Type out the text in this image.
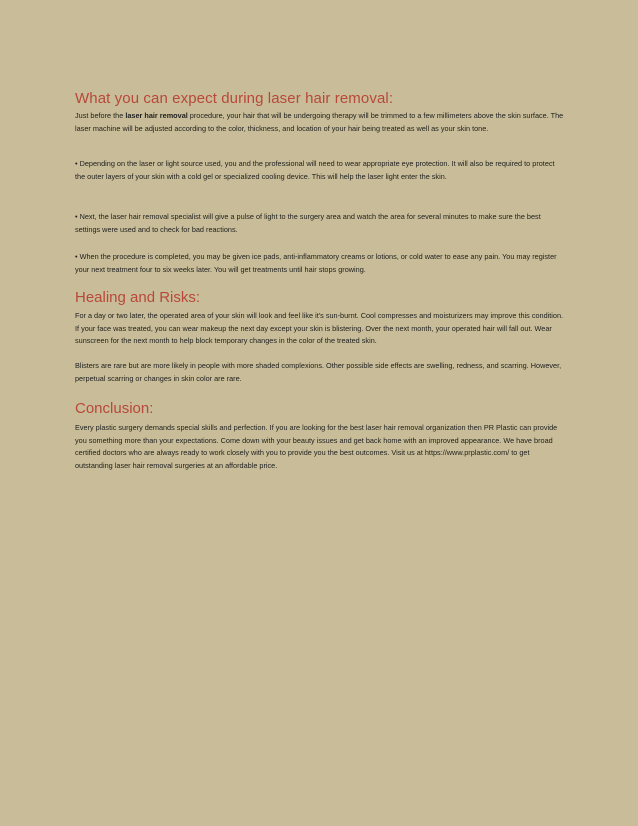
What you can expect during laser hair removal:

Just before the laser hair removal procedure, your hair that will be undergoing therapy will be trimmed to a few millimeters above the skin surface. The laser machine will be adjusted according to the color, thickness, and location of your hair being treated as well as your skin tone.

• Depending on the laser or light source used, you and the professional will need to wear appropriate eye protection. It will also be required to protect the outer layers of your skin with a cold gel or specialized cooling device. This will help the laser light enter the skin.

• Next, the laser hair removal specialist will give a pulse of light to the surgery area and watch the area for several minutes to make sure the best settings were used and to check for bad reactions.

• When the procedure is completed, you may be given ice pads, anti-inflammatory creams or lotions, or cold water to ease any pain. You may register your next treatment four to six weeks later. You will get treatments until hair stops growing.

Healing and Risks:

For a day or two later, the operated area of your skin will look and feel like it's sun-burnt. Cool compresses and moisturizers may improve this condition. If your face was treated, you can wear makeup the next day except your skin is blistering. Over the next month, your operated hair will fall out. Wear sunscreen for the next month to help block temporary changes in the color of the treated skin.

Blisters are rare but are more likely in people with more shaded complexions. Other possible side effects are swelling, redness, and scarring. However, perpetual scarring or changes in skin color are rare.

Conclusion:

Every plastic surgery demands special skills and perfection. If you are looking for the best laser hair removal organization then PR Plastic can provide you something more than your expectations. Come down with your beauty issues and get back home with an improved appearance. We have broad certified doctors who are always ready to work closely with you to provide you the best outcomes. Visit us at https://www.prplastic.com/ to get outstanding laser hair removal surgeries at an affordable price.
